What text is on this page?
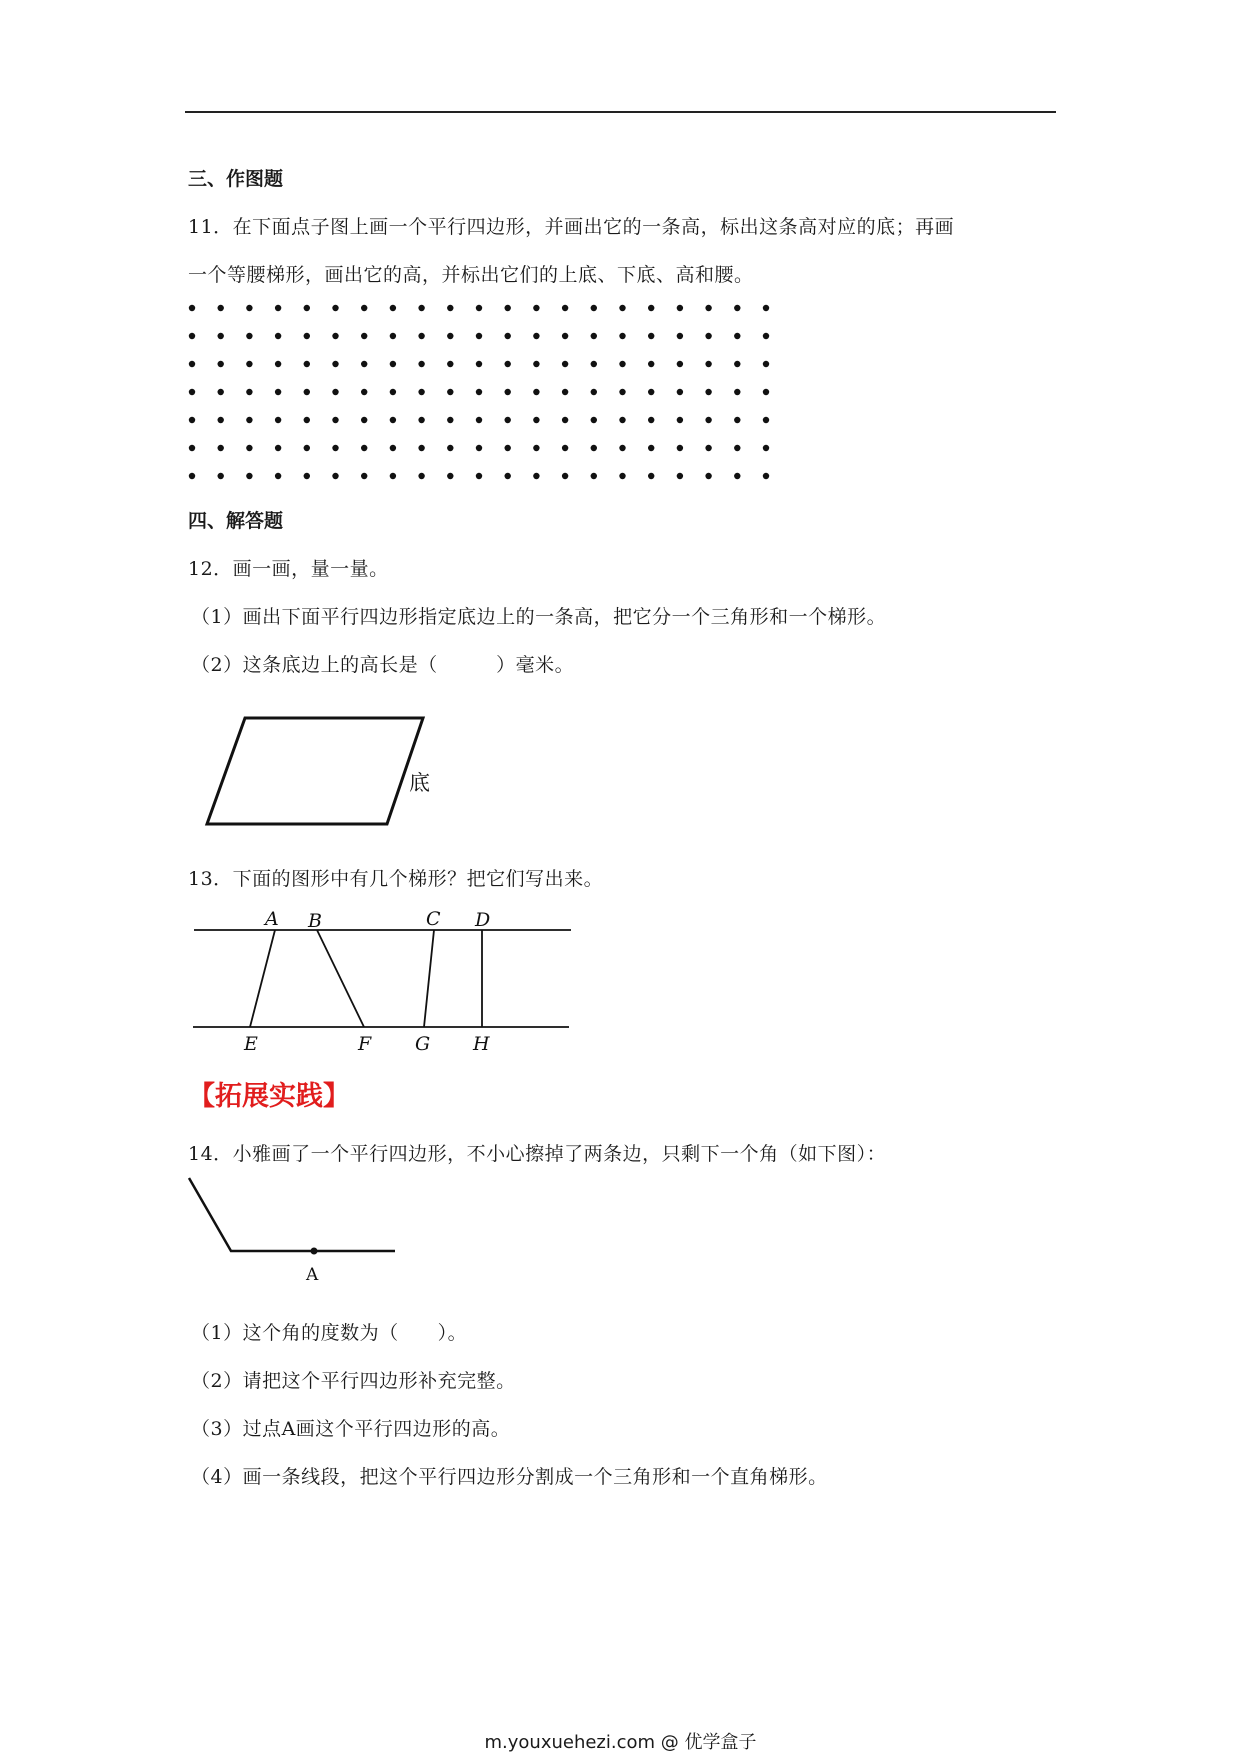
三、作图题
11．在下面点子图上画一个平行四边形，并画出它的一条高，标出这条高对应的底；再画
一个等腰梯形，画出它的高，并标出它们的上底、下底、高和腰。
四、解答题
12．画一画，量一量。
（1）画出下面平行四边形指定底边上的一条高，把它分一个三角形和一个梯形。
（2）这条底边上的高长是（　　　）毫米。
底
13．下面的图形中有几个梯形？把它们写出来。
A B	C D
E	F G H
【拓展实践】
14．小雅画了一个平行四边形，不小心擦掉了两条边，只剩下一个角（如下图）：
A
（1）这个角的度数为（　　）。
（2）请把这个平行四边形补充完整。
（3）过点A画这个平行四边形的高。
（4）画一条线段，把这个平行四边形分割成一个三角形和一个直角梯形。
m.youxuehezi.com @ 优学盒子
